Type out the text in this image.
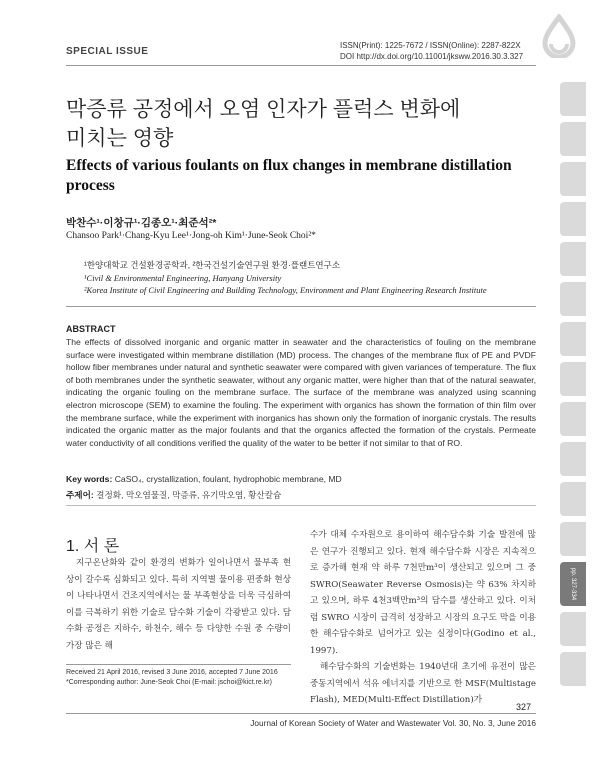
SPECIAL ISSUE
ISSN(Print): 1225-7672 / ISSN(Online): 2287-822X
DOI http://dx.doi.org/10.11001/jksww.2016.30.3.327
막증류 공정에서 오염 인자가 플럭스 변화에
미치는 영향
Effects of various foulants on flux changes in membrane distillation process
박찬수¹·이창규¹·김종오¹·최준석²*
Chansoo Park¹·Chang-Kyu Lee¹·Jong-oh Kim¹·June-Seok Choi²*
¹한양대학교 건설환경공학과, ²한국건설기술연구원 환경·플랜트연구소
¹Civil & Environmental Engineering, Hanyang University
²Korea Institute of Civil Engineering and Building Technology, Environment and Plant Engineering Research Institute
ABSTRACT
The effects of dissolved inorganic and organic matter in seawater and the characteristics of fouling on the membrane surface were investigated within membrane distillation (MD) process. The changes of the membrane flux of PE and PVDF hollow fiber membranes under natural and synthetic seawater were compared with given variances of temperature. The flux of both membranes under the synthetic seawater, without any organic matter, were higher than that of the natural seawater, indicating the organic fouling on the membrane surface. The surface of the membrane was analyzed using scanning electron microscope (SEM) to examine the fouling. The experiment with organics has shown the formation of thin film over the membrane surface, while the experiment with inorganics has shown only the formation of inorganic crystals. The results indicated the organic matter as the major foulants and that the organics affected the formation of the crystals. Permeate water conductivity of all conditions verified the quality of the water to be better if not similar to that of RO.
Key words: CaSO₄, crystallization, foulant, hydrophobic membrane, MD
주제어: 결정화, 막오염물질, 막증류, 유기막오염, 황산칼슘
1. 서 론

지구온난화와 같이 환경의 변화가 일어나면서 물부족 현상이 갈수록 심화되고 있다. 특히 지역별 물이용 편중화 현상이 나타나면서 건조지역에서는 물 부족현상을 더욱 극심하여 이를 극복하기 위한 기술로 담수화 기술이 각광받고 있다. 담수화 공정은 지하수, 하천수, 해수 등 다양한 수원 중 수량이 가장 많은 해

수가 대체 수자원으로 용이하여 해수담수화 기술 발전에 많은 연구가 진행되고 있다. 현재 해수담수화 시장은 지속적으로 증가해 현재 약 하루 7천만m³이 생산되고 있으며 그 중 SWRO(Seawater Reverse Osmosis)는 약 63% 차지하고 있으며, 하루 4천3백만m³의 담수를 생산하고 있다. 이처럼 SWRO 시장이 급격히 성장하고 시장의 요구도 막을 이용한 해수담수화로 넘어가고 있는 실정이다(Godino et al., 1997).

해수담수화의 기술변화는 1940년대 초기에 유전이 많은 중동지역에서 석유 에너지를 기반으로 한 MSF(Multistage Flash), MED(Multi-Effect Distillation)가

Received 21 April 2016, revised 3 June 2016, accepted 7 June 2016
*Corresponding author: June-Seok Choi (E-mail: jschoi@kict.re.kr)
327
Journal of Korean Society of Water and Wastewater Vol. 30, No. 3, June 2016
pp. 327-334
